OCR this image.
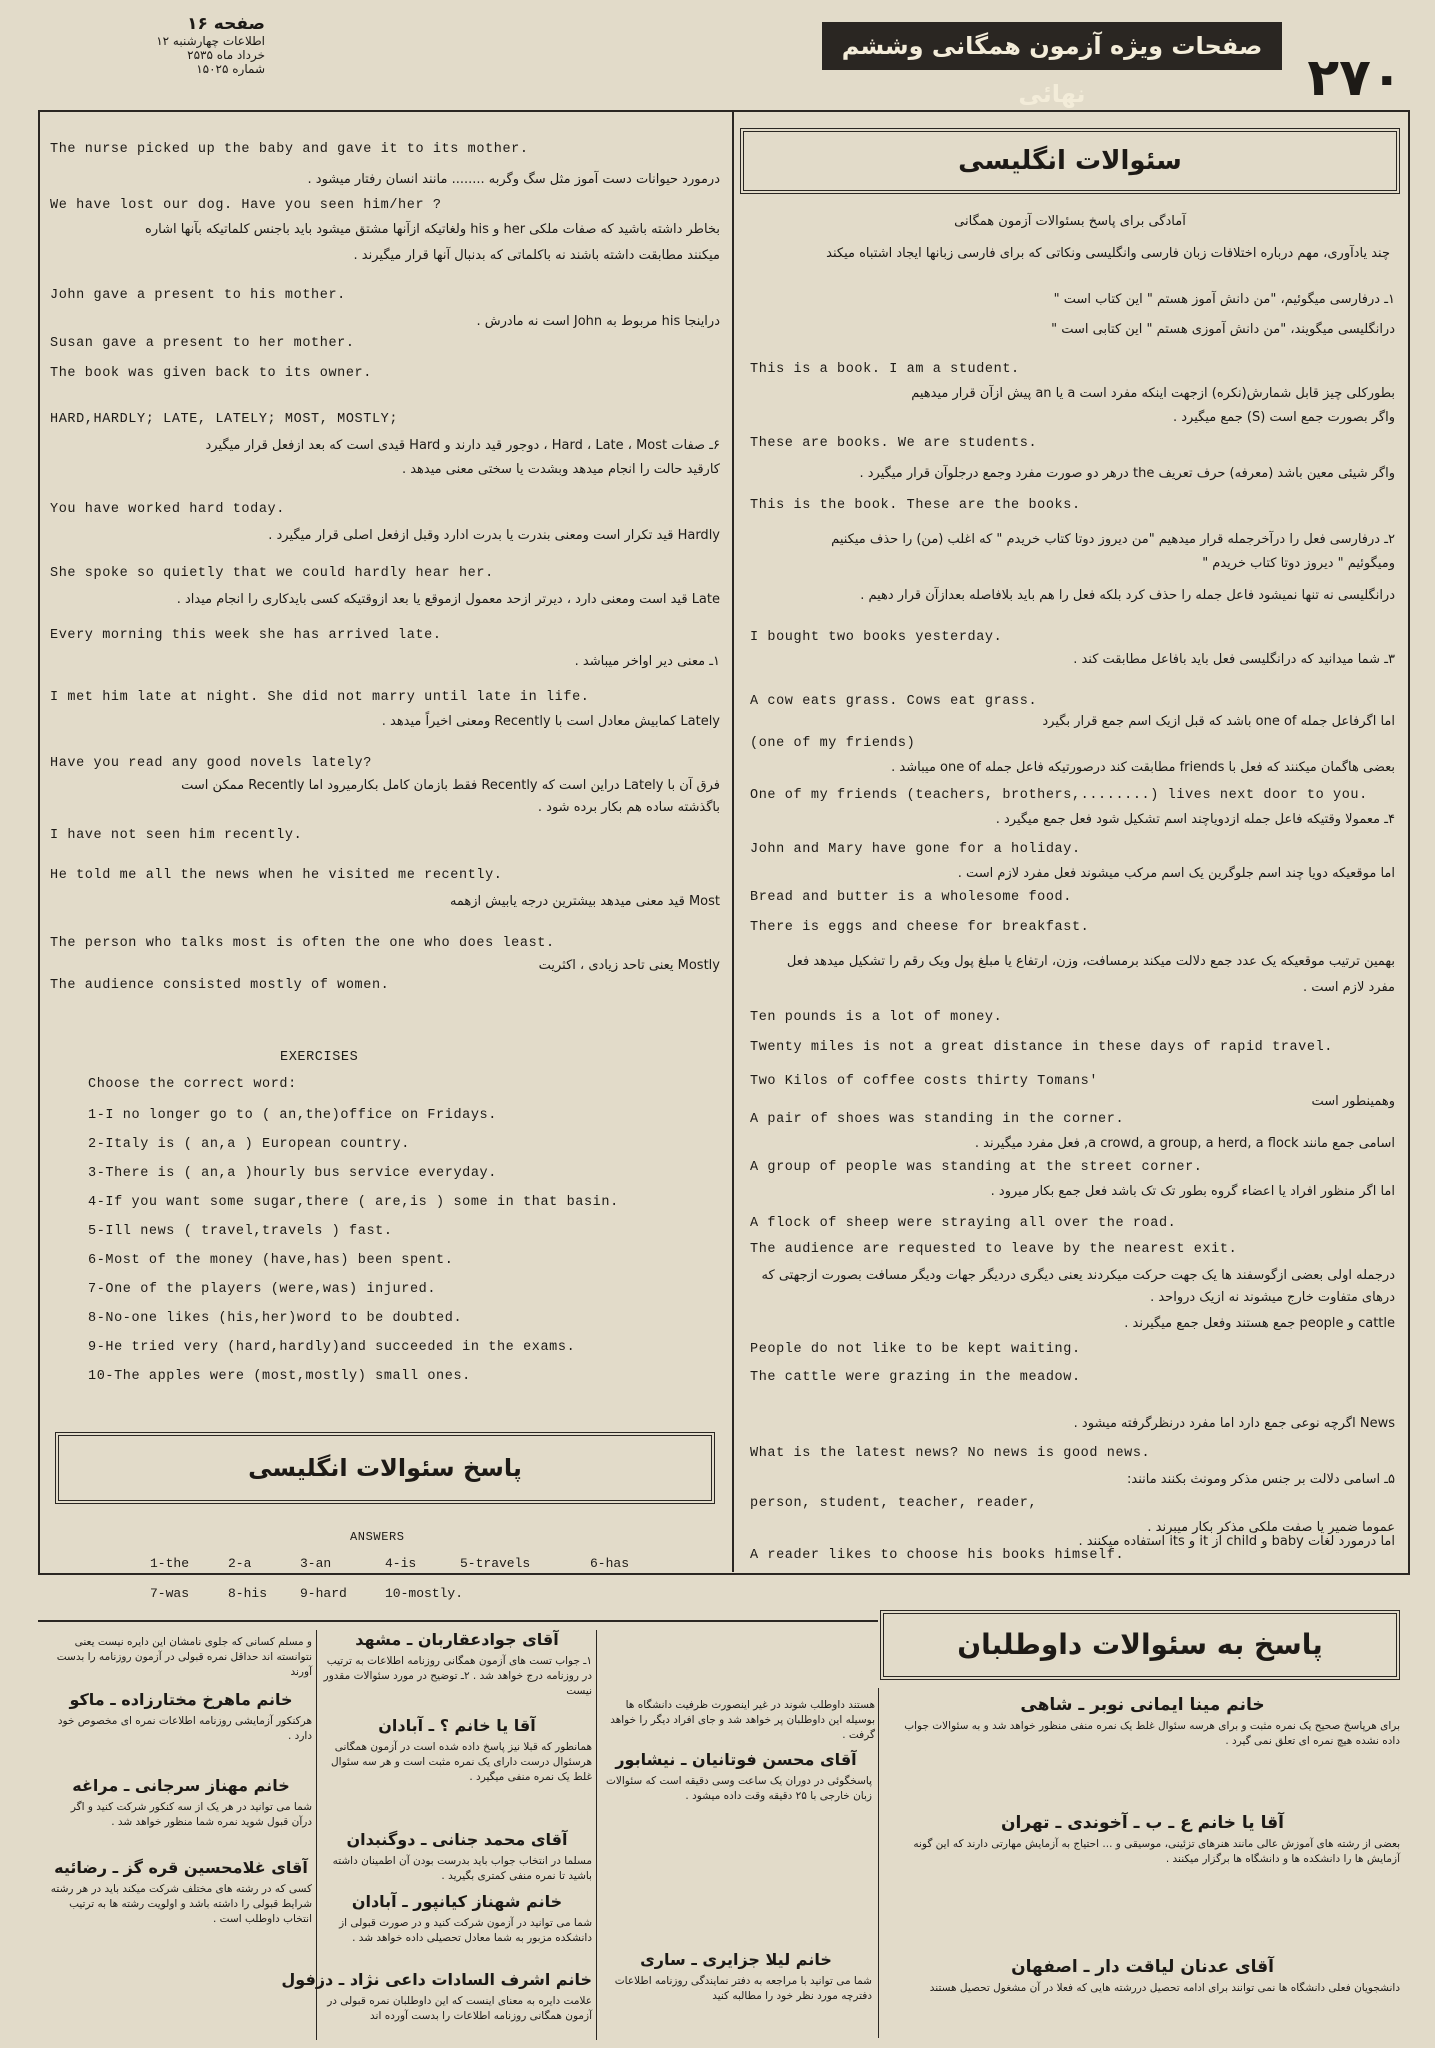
صفحه ۱۶
اطلاعات چهارشنبه ۱۲
خرداد ماه ۲۵۳۵
شماره ۱۵۰۲۵
صفحات ویژه آزمون همگانی وششم نهائی	۲۷۰
سئوالات انگلیسی
آمادگی برای پاسخ بسئوالات آزمون همگانی
چند یادآوری، مهم درباره اختلافات زبان فارسی وانگلیسی ونکاتی که برای فارسی زبانها ایجاد اشتباه میکند
۱ـ درفارسی میگوئیم، "من دانش آموز هستم " این کتاب است "
درانگلیسی میگویند، "من دانش آموزی هستم " این کتابی است "
This is a book. I am a student.
بطورکلی چیز قابل شمارش(نکره) ازجهت اینکه مفرد است a یا an پیش ازآن قرار میدهیم
واگر بصورت جمع است (S) جمع میگیرد .
These are books. We are students.
واگر شیئی معین باشد (معرفه) حرف تعریف the درهر دو صورت مفرد وجمع درجلوآن قرار میگیرد .
This is the book. These are the books.
۲ـ درفارسی فعل را درآخرجمله قرار میدهیم "من دیروز دوتا کتاب خریدم " که اغلب (من) را حذف میکنیم
ومیگوئیم " دیروز دوتا کتاب خریدم "
درانگلیسی نه تنها نمیشود فاعل جمله را حذف کرد بلکه فعل را هم باید بلافاصله بعدازآن قرار دهیم .
I bought two books yesterday.
۳ـ شما میدانید که درانگلیسی فعل باید بافاعل مطابقت کند .
A cow eats grass. Cows eat grass.
اما اگرفاعل جمله one of باشد که قبل ازیک اسم جمع قرار بگیرد
(one of my friends)
بعضی هاگمان میکنند که فعل با friends مطابقت کند درصورتیکه فاعل جمله one of میباشد .
One of my friends (teachers, brothers,........) lives next door to you.
۴ـ معمولا وقتیکه فاعل جمله ازدویاچند اسم تشکیل شود فعل جمع میگیرد .
John and Mary have gone for a holiday.
اما موقعیکه دویا چند اسم جلوگرین یک اسم مرکب میشوند فعل مفرد لازم است .
Bread and butter is a wholesome food.
There is eggs and cheese for breakfast.
بهمین ترتیب موقعیکه یک عدد جمع دلالت میکند برمسافت، وزن، ارتفاع یا مبلغ پول ویک رقم را تشکیل میدهد فعل
مفرد لازم است .
Ten pounds is a lot of money.
Twenty miles is not a great distance in these days of rapid travel.
Two Kilos of coffee costs thirty Tomans'
وهمینطور است
A pair of shoes was standing in the corner.
اسامی جمع مانند a crowd, a group, a herd, a flock, فعل مفرد میگیرند .
A group of people was standing at the street corner.
اما اگر منظور افراد یا اعضاء گروه بطور تک تک باشد فعل جمع بکار میرود .
A flock of sheep were straying all over the road.
The audience are requested to leave by the nearest exit.
درجمله اولی بعضی ازگوسفند ها یک جهت حرکت میکردند یعنی دیگری دردیگر جهات ودیگر مسافت بصورت ازجهتی که
درهای متفاوت خارج میشوند نه ازیک درواحد .
cattle و people جمع هستند وفعل جمع میگیرند .
People do not like to be kept waiting.
The cattle were grazing in the meadow.
News اگرچه نوعی جمع دارد اما مفرد درنظرگرفته میشود .
What is the latest news? No news is good news.
۵ـ اسامی دلالت بر جنس مذکر ومونث بکنند مانند:
person, student, teacher, reader,
عموما ضمیر یا صفت ملکی مذکر بکار میبرند .
A reader likes to choose his books himself.
اما درمورد لغات baby و child از it و its استفاده میکنند .
The nurse picked up the baby and gave it to its mother.
درمورد حیوانات دست آموز مثل سگ وگربه ........ مانند انسان رفتار میشود .
We have lost our dog. Have you seen him/her ?
بخاطر داشته باشید که صفات ملکی her و his ولغاتیکه ازآنها مشتق میشود باید باجنس کلماتیکه بآنها اشاره
میکنند مطابقت داشته باشند نه باکلماتی که بدنبال آنها قرار میگیرند .
John gave a present to his mother.
دراینجا his مربوط به John است نه مادرش .
Susan gave a present to her mother.
The book was given back to its owner.
HARD,HARDLY; LATE, LATELY; MOST, MOSTLY;
۶ـ صفات Hard ، Late ، Most ، دوجور قید دارند و Hard قیدی است که بعد ازفعل قرار میگیرد
کارقید حالت را انجام میدهد وبشدت یا سختی معنی میدهد .
You have worked hard today.
Hardly قید تکرار است ومعنی بندرت یا بدرت ادارد وقبل ازفعل اصلی قرار میگیرد .
She spoke so quietly that we could hardly hear her.
Late قید است ومعنی دارد ، دیرتر ازحد معمول ازموقع یا بعد ازوقتیکه کسی بایدکاری را انجام میداد .
Every morning this week she has arrived late.
۱ـ معنی دیر اواخر میباشد .
I met him late at night. She did not marry until late in life.
Lately کمابیش معادل است با Recently ومعنی اخیراً میدهد .
Have you read any good novels lately?
فرق آن با Lately دراین است که Recently فقط بازمان کامل بکارمیرود اما Recently ممکن است
باگذشته ساده هم بکار برده شود .
I have not seen him recently.
He told me all the news when he visited me recently.
Most قید معنی میدهد بیشترین درجه یابیش ازهمه
The person who talks most is often the one who does least.
Mostly یعنی تاحد زیادی ، اکثریت
The audience consisted mostly of women.
EXERCISES
Choose the correct word:
1-I no longer go to ( an,the)office on Fridays.
2-Italy is ( an,a ) European country.
3-There is ( an,a )hourly bus service everyday.
4-If you want some sugar,there ( are,is ) some in that basin.
5-Ill news ( travel,travels ) fast.
6-Most of the money (have,has) been spent.
7-One of the players (were,was) injured.
8-No-one likes (his,her)word to be doubted.
9-He tried very (hard,hardly)and succeeded in the exams.
10-The apples were (most,mostly) small ones.
پاسخ سئوالات انگلیسی
ANSWERS
1-the	2-a	3-an	4-is	5-travels	6-has
7-was	8-his	9-hard	10-mostly.
پاسخ به سئوالات داوطلبان
و مسلم کسانی که جلوی نامشان این دایره نیست یعنی نتوانسته اند حداقل نمره قبولی در آزمون روزنامه را بدست آورند
هستند داوطلب شوند در غیر اینصورت ظرفیت دانشگاه ها بوسیله این داوطلبان پر خواهد شد و جای افراد دیگر را خواهد گرفت .
خانم مینا ایمانی نوبر ـ شاهی
برای هرپاسخ صحیح یک نمره مثبت و برای هرسه سئوال غلط یک نمره منفی منظور خواهد شد و به سئوالات جواب داده نشده هیچ نمره ای تعلق نمی گیرد .
آقا یا خانم ع ـ ب ـ آخوندی ـ تهران
بعضی از رشته های آموزش عالی مانند هنرهای تزئینی، موسیقی و ... احتیاج به آزمایش مهارتی دارند که این گونه آزمایش ها را دانشکده ها و دانشگاه ها برگزار میکنند .
آقای عدنان لیاقت دار ـ اصفهان
دانشجویان فعلی دانشگاه ها نمی توانند برای ادامه تحصیل دررشته هایی که فعلا در آن مشغول تحصیل هستند
آقای محسن فوتانیان ـ نیشابور
پاسخگوئی در دوران یک ساعت وسی دقیقه است که سئوالات زبان خارجی با ۲۵ دقیقه وقت داده میشود .
خانم لیلا جزایری ـ ساری
شما می توانید با مراجعه به دفتر نمایندگی روزنامه اطلاعات دفترچه مورد نظر خود را مطالبه کنید
آقای جوادعقاربان ـ مشهد
۱ـ جواب تست های آزمون همگانی روزنامه اطلاعات به ترتیب در روزنامه درج خواهد شد . ۲ـ توضیح در مورد سئوالات مقدور نیست
آقا یا خانم ؟ ـ آبادان
همانطور که قبلا نیز پاسخ داده شده است در آزمون همگانی هرسئوال درست دارای یک نمره مثبت است و هر سه سئوال غلط یک نمره منفی میگیرد .
آقای محمد جنانی ـ دوگنبدان
مسلما در انتخاب جواب باید بدرست بودن آن اطمینان داشته باشید تا نمره منفی کمتری بگیرید .
خانم شهناز کیانپور ـ آبادان
شما می توانید در آزمون شرکت کنید و در صورت قبولی از دانشکده مزبور به شما معادل تحصیلی داده خواهد شد .
خانم اشرف السادات داعی نژاد ـ دزفول
علامت دایره به معنای اینست که این داوطلبان نمره قبولی در آزمون همگانی روزنامه اطلاعات را بدست آورده اند
خانم ماهرخ مختارزاده ـ ماکو
هرکنکور آزمایشی روزنامه اطلاعات نمره ای مخصوص خود دارد .
خانم مهناز سرجانی ـ مراغه
شما می توانید در هر یک از سه کنکور شرکت کنید و اگر درآن قبول شوید نمره شما منظور خواهد شد .
آقای غلامحسین قره گز ـ رضائیه
کسی که در رشته های مختلف شرکت میکند باید در هر رشته شرایط قبولی را داشته باشد و اولویت رشته ها به ترتیب انتخاب داوطلب است .
